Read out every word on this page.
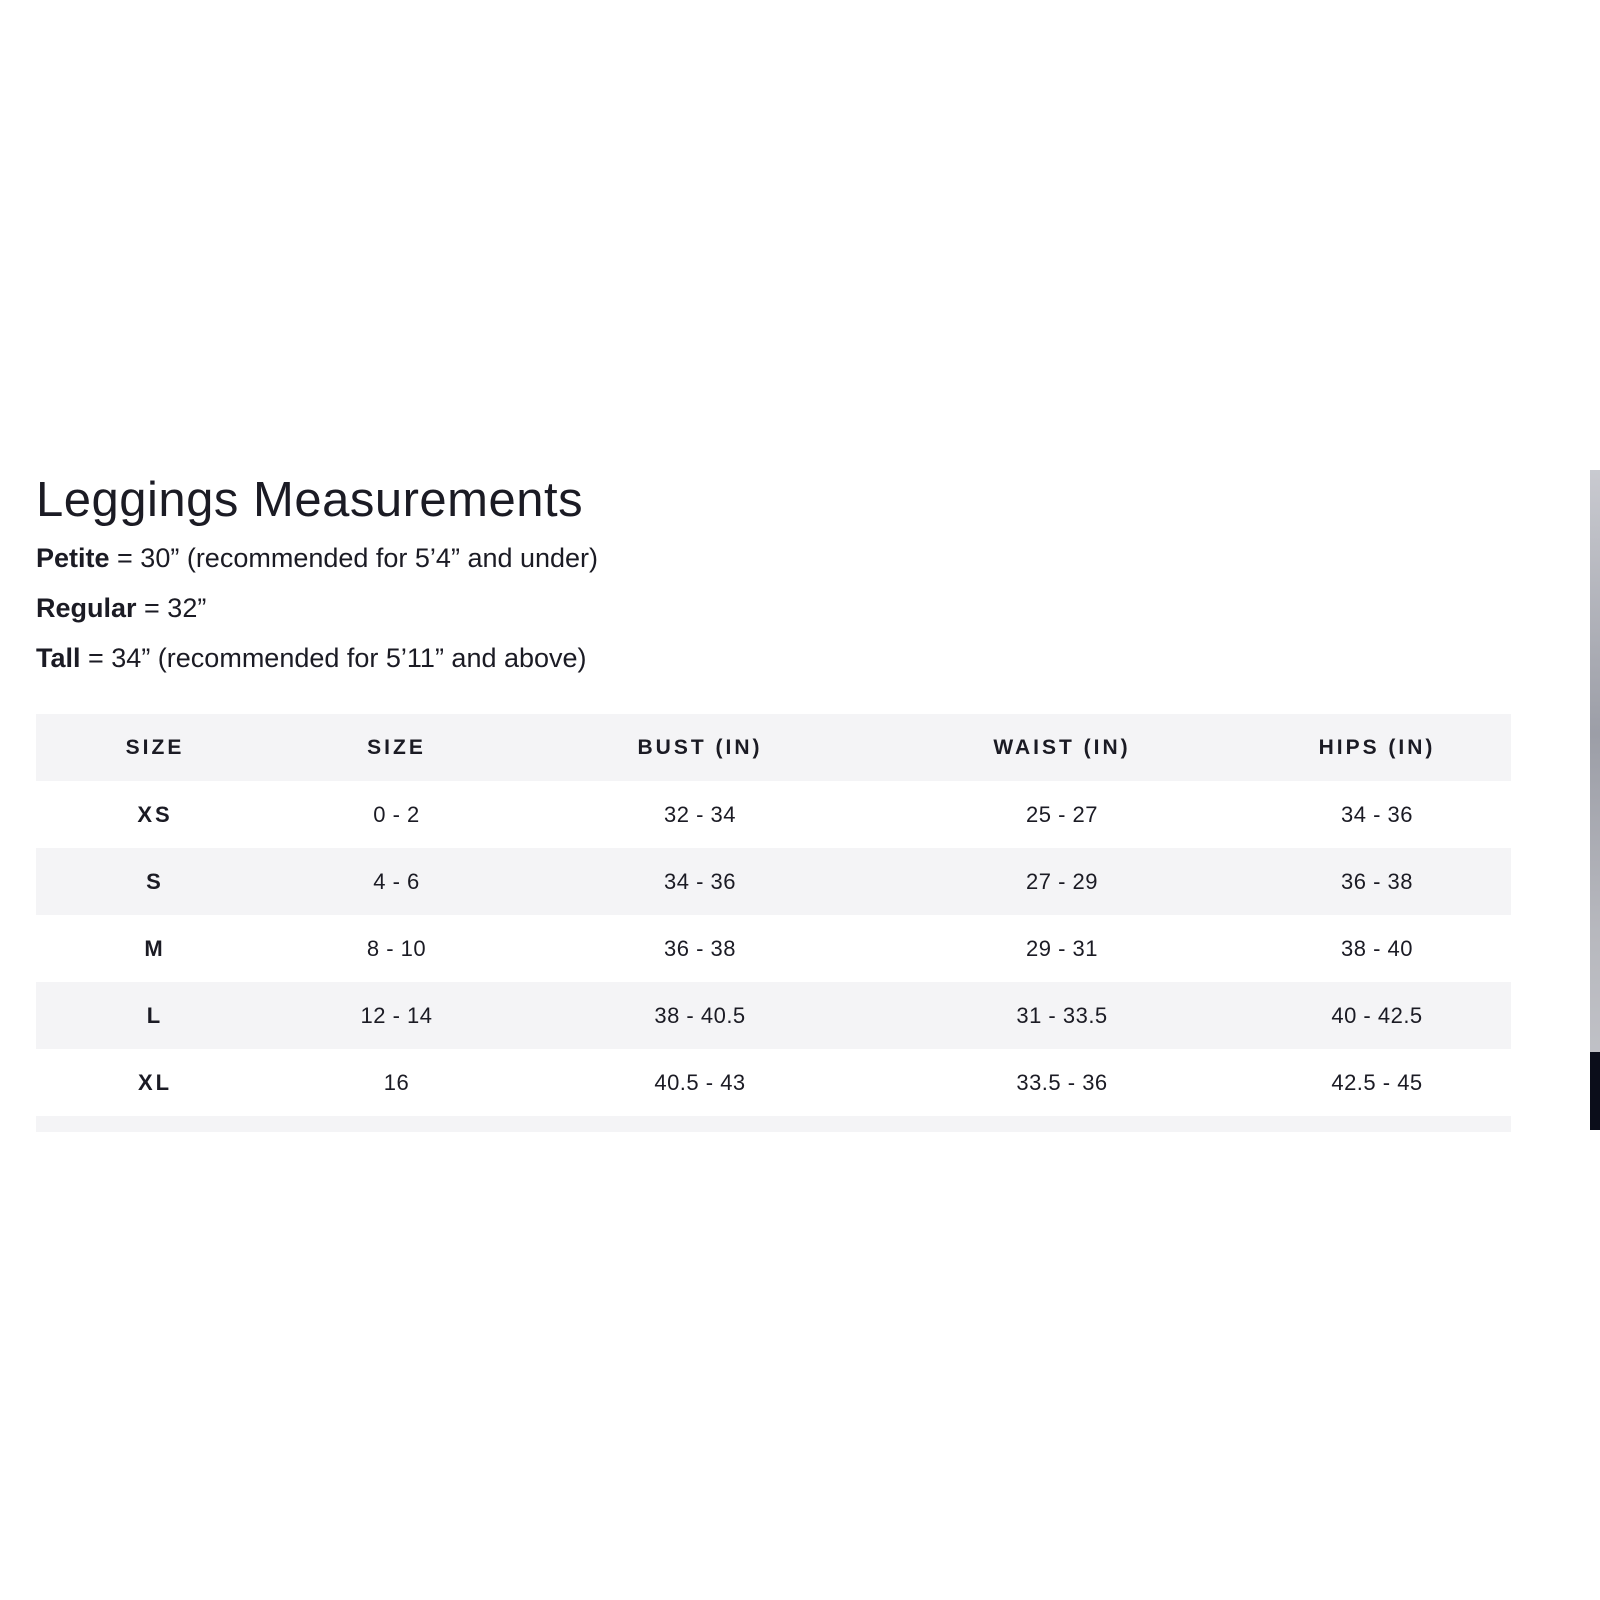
Leggings Measurements
Petite = 30” (recommended for 5’4” and under)
Regular = 32”
Tall = 34” (recommended for 5’11” and above)
SIZE	SIZE	BUST (IN)	WAIST (IN)	HIPS (IN)
XS	0 - 2	32 - 34	25 - 27	34 - 36
S	4 - 6	34 - 36	27 - 29	36 - 38
M	8 - 10	36 - 38	29 - 31	38 - 40
L	12 - 14	38 - 40.5	31 - 33.5	40 - 42.5
XL	16	40.5 - 43	33.5 - 36	42.5 - 45
